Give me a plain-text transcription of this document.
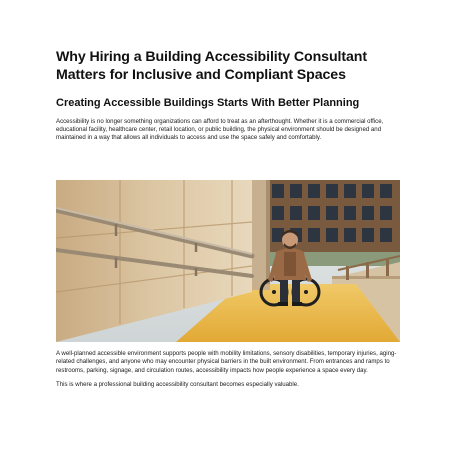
Why Hiring a Building Accessibility Consultant Matters for Inclusive and Compliant Spaces
Creating Accessible Buildings Starts With Better Planning

Accessibility is no longer something organizations can afford to treat as an afterthought. Whether it is a commercial office, educational facility, healthcare center, retail location, or public building, the physical environment should be designed and maintained in a way that allows all individuals to access and use the space safely and comfortably.

A well-planned accessible environment supports people with mobility limitations, sensory disabilities, temporary injuries, aging-related challenges, and anyone who may encounter physical barriers in the built environment. From entrances and ramps to restrooms, parking, signage, and circulation routes, accessibility impacts how people experience a space every day.

This is where a professional building accessibility consultant becomes especially valuable.
